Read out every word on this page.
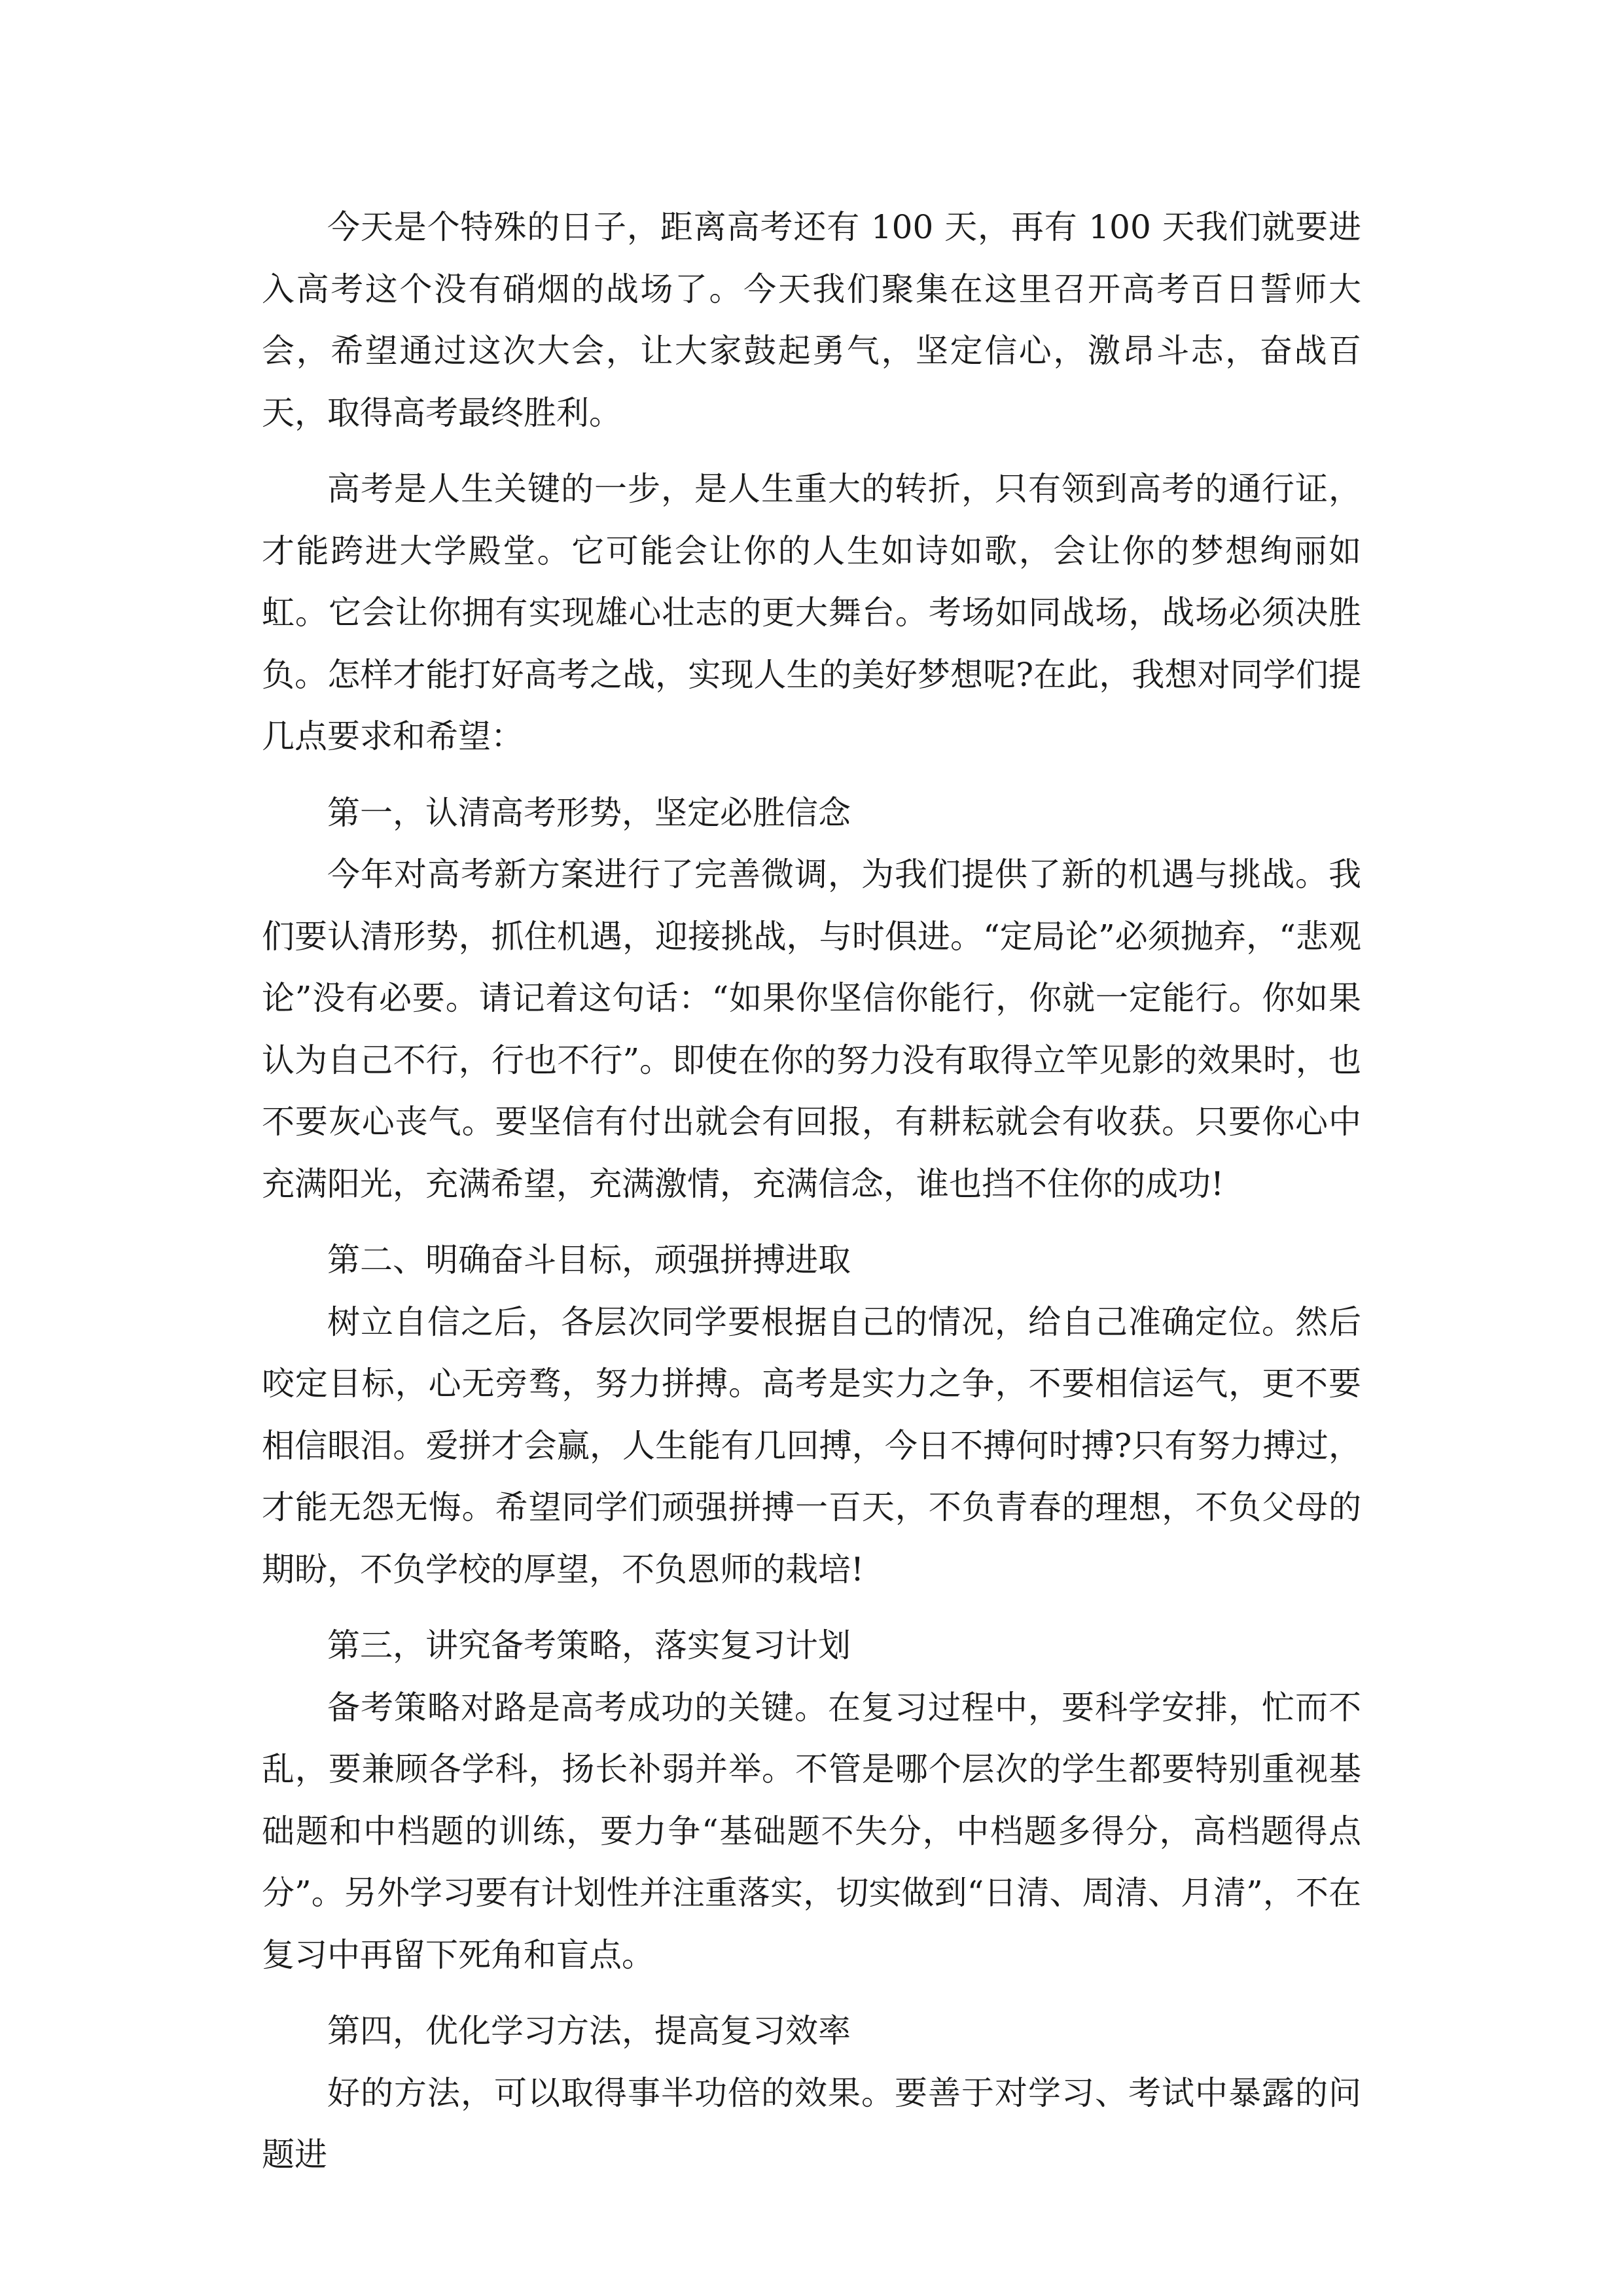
今天是个特殊的日子，距离高考还有 100 天，再有 100 天我们就要进入高考这个没有硝烟的战场了。今天我们聚集在这里召开高考百日誓师大会，希望通过这次大会，让大家鼓起勇气，坚定信心，激昂斗志，奋战百天，取得高考最终胜利。

高考是人生关键的一步，是人生重大的转折，只有领到高考的通行证，才能跨进大学殿堂。它可能会让你的人生如诗如歌，会让你的梦想绚丽如虹。它会让你拥有实现雄心壮志的更大舞台。考场如同战场，战场必须决胜负。怎样才能打好高考之战，实现人生的美好梦想呢?在此，我想对同学们提几点要求和希望：

第一，认清高考形势，坚定必胜信念

今年对高考新方案进行了完善微调，为我们提供了新的机遇与挑战。我们要认清形势，抓住机遇，迎接挑战，与时俱进。“定局论”必须抛弃，“悲观论”没有必要。请记着这句话：“如果你坚信你能行，你就一定能行。你如果认为自己不行，行也不行”。即使在你的努力没有取得立竿见影的效果时，也不要灰心丧气。要坚信有付出就会有回报，有耕耘就会有收获。只要你心中充满阳光，充满希望，充满激情，充满信念，谁也挡不住你的成功!

第二、明确奋斗目标，顽强拼搏进取

树立自信之后，各层次同学要根据自己的情况，给自己准确定位。然后咬定目标，心无旁骛，努力拼搏。高考是实力之争，不要相信运气，更不要相信眼泪。爱拼才会赢，人生能有几回搏，今日不搏何时搏?只有努力搏过，才能无怨无悔。希望同学们顽强拼搏一百天，不负青春的理想，不负父母的期盼，不负学校的厚望，不负恩师的栽培!

第三，讲究备考策略，落实复习计划

备考策略对路是高考成功的关键。在复习过程中，要科学安排，忙而不乱，要兼顾各学科，扬长补弱并举。不管是哪个层次的学生都要特别重视基础题和中档题的训练，要力争“基础题不失分，中档题多得分，高档题得点分”。另外学习要有计划性并注重落实，切实做到“日清、周清、月清”，不在复习中再留下死角和盲点。

第四，优化学习方法，提高复习效率

好的方法，可以取得事半功倍的效果。要善于对学习、考试中暴露的问题进
